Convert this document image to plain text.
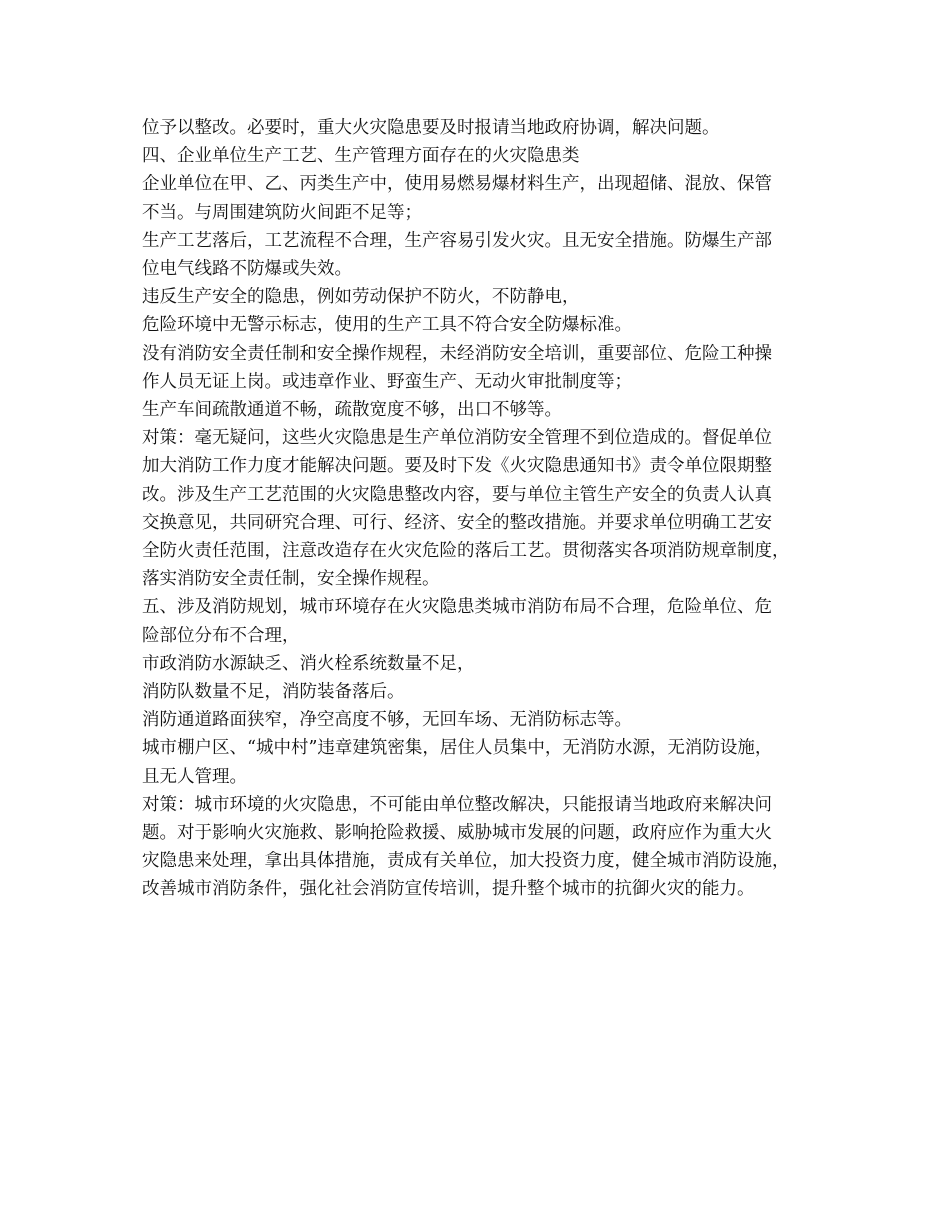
位予以整改。必要时，重大火灾隐患要及时报请当地政府协调，解决问题。

四、企业单位生产工艺、生产管理方面存在的火灾隐患类

企业单位在甲、乙、丙类生产中，使用易燃易爆材料生产，出现超储、混放、保管

不当。与周围建筑防火间距不足等；

生产工艺落后，工艺流程不合理，生产容易引发火灾。且无安全措施。防爆生产部

位电气线路不防爆或失效。

违反生产安全的隐患，例如劳动保护不防火，不防静电，

危险环境中无警示标志，使用的生产工具不符合安全防爆标准。

没有消防安全责任制和安全操作规程，未经消防安全培训，重要部位、危险工种操

作人员无证上岗。或违章作业、野蛮生产、无动火审批制度等；

生产车间疏散通道不畅，疏散宽度不够，出口不够等。

对策：毫无疑问，这些火灾隐患是生产单位消防安全管理不到位造成的。督促单位

加大消防工作力度才能解决问题。要及时下发《火灾隐患通知书》责令单位限期整

改。涉及生产工艺范围的火灾隐患整改内容，要与单位主管生产安全的负责人认真

交换意见，共同研究合理、可行、经济、安全的整改措施。并要求单位明确工艺安

全防火责任范围，注意改造存在火灾危险的落后工艺。贯彻落实各项消防规章制度，

落实消防安全责任制，安全操作规程。

五、涉及消防规划，城市环境存在火灾隐患类城市消防布局不合理，危险单位、危

险部位分布不合理，

市政消防水源缺乏、消火栓系统数量不足，

消防队数量不足，消防装备落后。

消防通道路面狭窄，净空高度不够，无回车场、无消防标志等。

城市棚户区、“城中村”违章建筑密集，居住人员集中，无消防水源，无消防设施，

且无人管理。

对策：城市环境的火灾隐患，不可能由单位整改解决，只能报请当地政府来解决问

题。对于影响火灾施救、影响抢险救援、威胁城市发展的问题，政府应作为重大火

灾隐患来处理，拿出具体措施，责成有关单位，加大投资力度，健全城市消防设施，

改善城市消防条件，强化社会消防宣传培训，提升整个城市的抗御火灾的能力。
